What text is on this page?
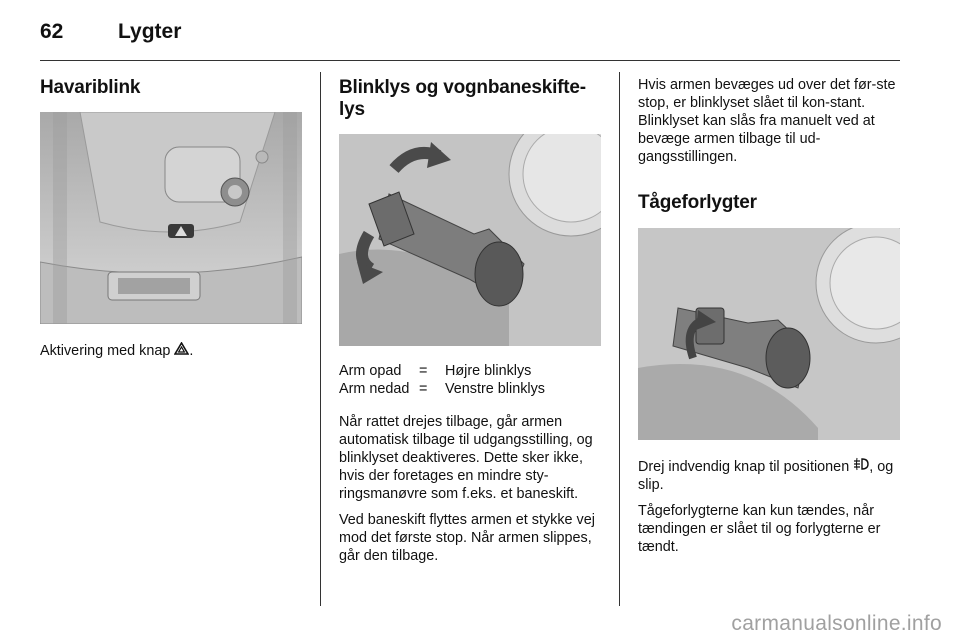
62	Lygter
Havariblink

Aktivering med knap .

Blinklys og vognbaneskifte-lys
Arm opad	=	Højre blinklys
Arm nedad	=	Venstre blinklys

Når rattet drejes tilbage, går armen automatisk tilbage til udgangsstilling, og blinklyset deaktiveres. Dette sker ikke, hvis der foretages en mindre sty-ringsmanøvre som f.eks. et baneskift.

Ved baneskift flyttes armen et stykke vej mod det første stop. Når armen slippes, går den tilbage.

Hvis armen bevæges ud over det før-ste stop, er blinklyset slået til kon-stant. Blinklyset kan slås fra manuelt ved at bevæge armen tilbage til ud-gangsstillingen.

Tågeforlygter

Drej indvendig knap til positionen , og slip.

Tågeforlygterne kan kun tændes, når tændingen er slået til og forlygterne er tændt.

carmanualsonline.info
